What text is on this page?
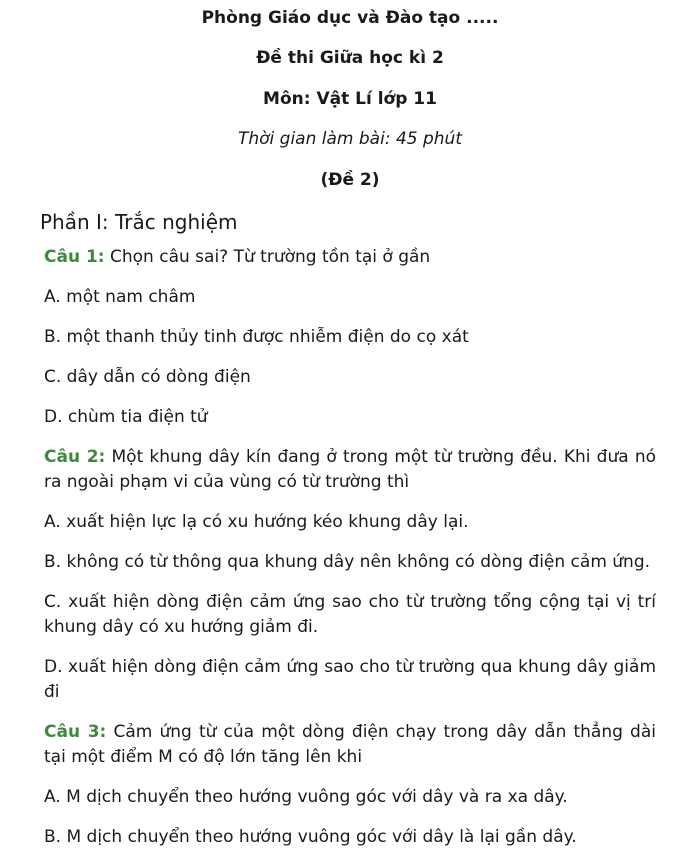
Phòng Giáo dục và Đào tạo .....
Đề thi Giữa học kì 2
Môn: Vật Lí lớp 11
Thời gian làm bài: 45 phút
(Đề 2)
Phần I: Trắc nghiệm
Câu 1: Chọn câu sai? Từ trường tồn tại ở gần
A. một nam châm
B. một thanh thủy tinh được nhiễm điện do cọ xát
C. dây dẫn có dòng điện
D. chùm tia điện tử
Câu 2: Một khung dây kín đang ở trong một từ trường đều. Khi đưa nó ra ngoài phạm vi của vùng có từ trường thì
A. xuất hiện lực lạ có xu hướng kéo khung dây lại.
B. không có từ thông qua khung dây nên không có dòng điện cảm ứng.
C. xuất hiện dòng điện cảm ứng sao cho từ trường tổng cộng tại vị trí khung dây có xu hướng giảm đi.
D. xuất hiện dòng điện cảm ứng sao cho từ trường qua khung dây giảm đi
Câu 3: Cảm ứng từ của một dòng điện chạy trong dây dẫn thẳng dài tại một điểm M có độ lớn tăng lên khi
A. M dịch chuyển theo hướng vuông góc với dây và ra xa dây.
B. M dịch chuyển theo hướng vuông góc với dây là lại gần dây.
